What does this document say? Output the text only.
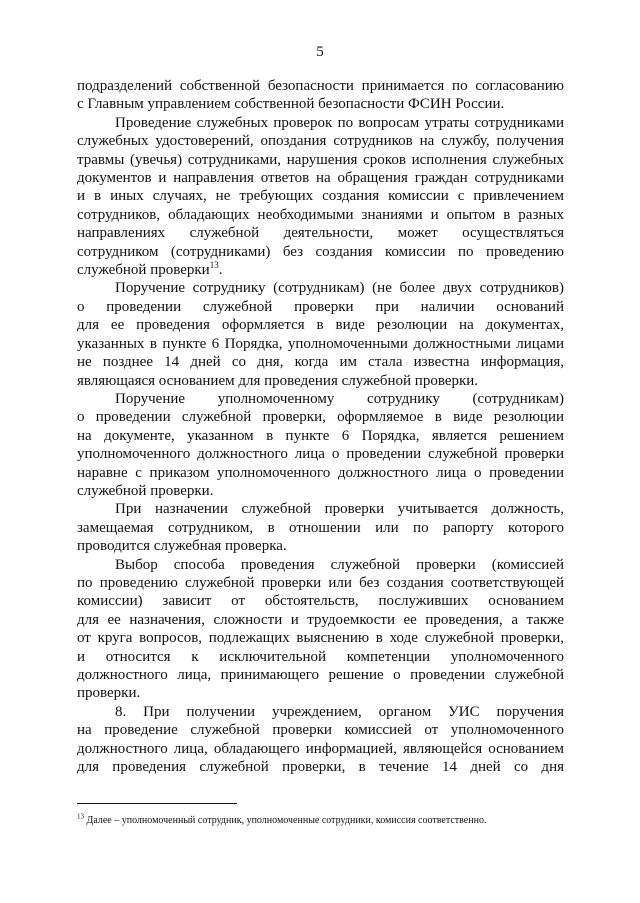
5

подразделений собственной безопасности принимается по согласованию
с Главным управлением собственной безопасности ФСИН России.

Проведение служебных проверок по вопросам утраты сотрудниками
служебных удостоверений, опоздания сотрудников на службу, получения
травмы (увечья) сотрудниками, нарушения сроков исполнения служебных
документов и направления ответов на обращения граждан сотрудниками
и в иных случаях, не требующих создания комиссии с привлечением
сотрудников, обладающих необходимыми знаниями и опытом в разных
направлениях служебной деятельности, может осуществляться
сотрудником (сотрудниками) без создания комиссии по проведению
служебной проверки$^{13}$.

Поручение сотруднику (сотрудникам) (не более двух сотрудников)
о проведении служебной проверки при наличии оснований
для ее проведения оформляется в виде резолюции на документах,
указанных в пункте 6 Порядка, уполномоченными должностными лицами
не позднее 14 дней со дня, когда им стала известна информация,
являющаяся основанием для проведения служебной проверки.

Поручение уполномоченному сотруднику (сотрудникам)
о проведении служебной проверки, оформляемое в виде резолюции
на документе, указанном в пункте 6 Порядка, является решением
уполномоченного должностного лица о проведении служебной проверки
наравне с приказом уполномоченного должностного лица о проведении
служебной проверки.

При назначении служебной проверки учитывается должность,
замещаемая сотрудником, в отношении или по рапорту которого
проводится служебная проверка.

Выбор способа проведения служебной проверки (комиссией
по проведению служебной проверки или без создания соответствующей
комиссии) зависит от обстоятельств, послуживших основанием
для ее назначения, сложности и трудоемкости ее проведения, а также
от круга вопросов, подлежащих выяснению в ходе служебной проверки,
и относится к исключительной компетенции уполномоченного
должностного лица, принимающего решение о проведении служебной
проверки.

8. При получении учреждением, органом УИС поручения
на проведение служебной проверки комиссией от уполномоченного
должностного лица, обладающего информацией, являющейся основанием
для проведения служебной проверки, в течение 14 дней со дня

$^{13}$ Далее – уполномоченный сотрудник, уполномоченные сотрудники, комиссия соответственно.
